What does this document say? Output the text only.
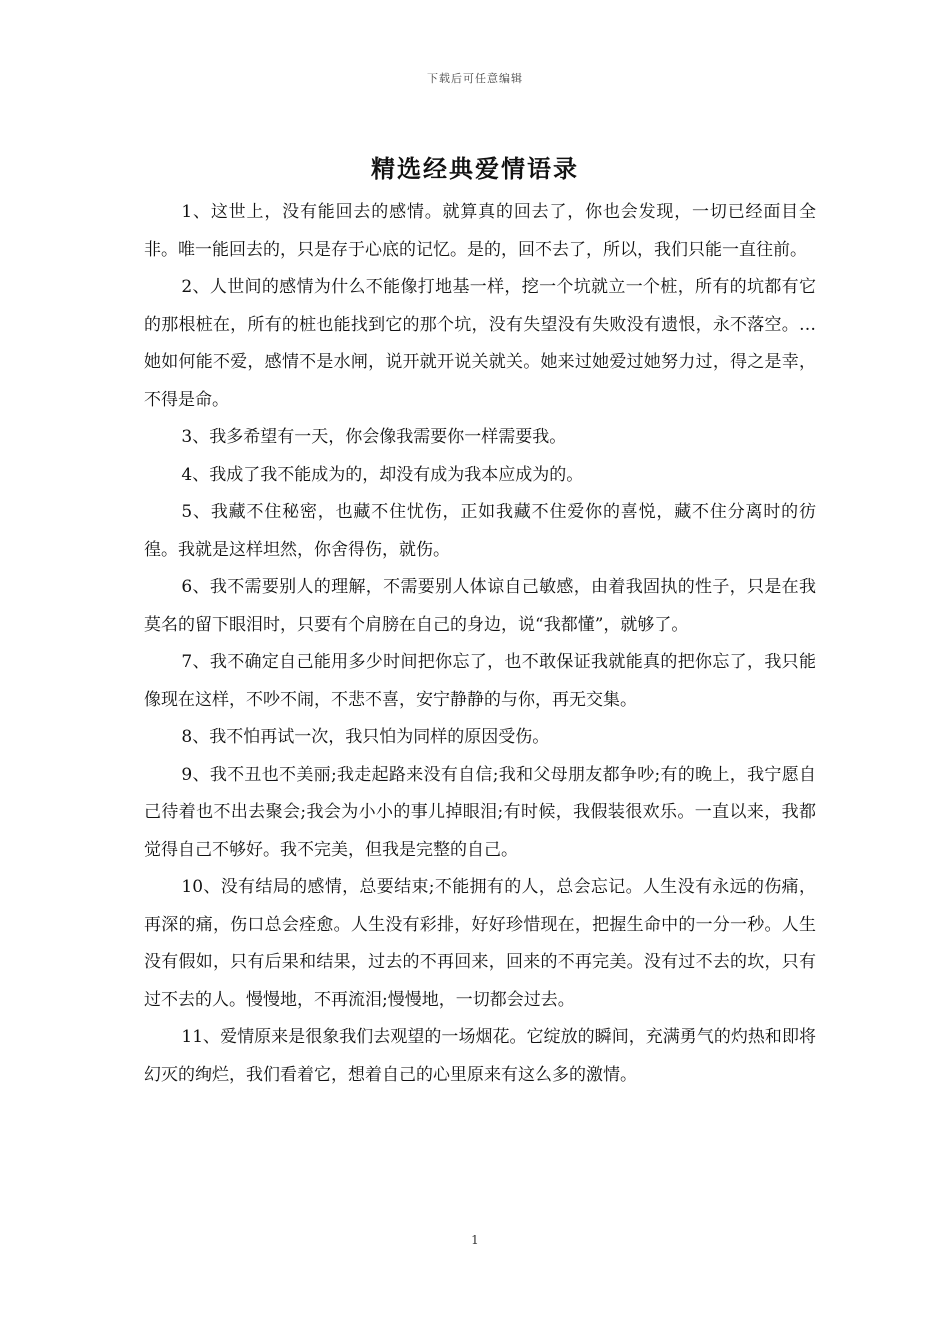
下载后可任意编辑
精选经典爱情语录

1、这世上，没有能回去的感情。就算真的回去了，你也会发现，一切已经面目全非。唯一能回去的，只是存于心底的记忆。是的，回不去了，所以，我们只能一直往前。

2、人世间的感情为什么不能像打地基一样，挖一个坑就立一个桩，所有的坑都有它的那根桩在，所有的桩也能找到它的那个坑，没有失望没有失败没有遗恨，永不落空。…她如何能不爱，感情不是水闸，说开就开说关就关。她来过她爱过她努力过，得之是幸，不得是命。

3、我多希望有一天，你会像我需要你一样需要我。

4、我成了我不能成为的，却没有成为我本应成为的。

5、我藏不住秘密，也藏不住忧伤，正如我藏不住爱你的喜悦，藏不住分离时的彷徨。我就是这样坦然，你舍得伤，就伤。

6、我不需要别人的理解，不需要别人体谅自己敏感，由着我固执的性子，只是在我莫名的留下眼泪时，只要有个肩膀在自己的身边，说“我都懂”，就够了。

7、我不确定自己能用多少时间把你忘了，也不敢保证我就能真的把你忘了，我只能像现在这样，不吵不闹，不悲不喜，安宁静静的与你，再无交集。

8、我不怕再试一次，我只怕为同样的原因受伤。

9、我不丑也不美丽;我走起路来没有自信;我和父母朋友都争吵;有的晚上，我宁愿自己待着也不出去聚会;我会为小小的事儿掉眼泪;有时候，我假装很欢乐。一直以来，我都觉得自己不够好。我不完美，但我是完整的自己。

10、没有结局的感情，总要结束;不能拥有的人，总会忘记。人生没有永远的伤痛，再深的痛，伤口总会痊愈。人生没有彩排，好好珍惜现在，把握生命中的一分一秒。人生没有假如，只有后果和结果，过去的不再回来，回来的不再完美。没有过不去的坎，只有过不去的人。慢慢地，不再流泪;慢慢地，一切都会过去。

11、爱情原来是很象我们去观望的一场烟花。它绽放的瞬间，充满勇气的灼热和即将幻灭的绚烂，我们看着它，想着自己的心里原来有这么多的激情。

1
